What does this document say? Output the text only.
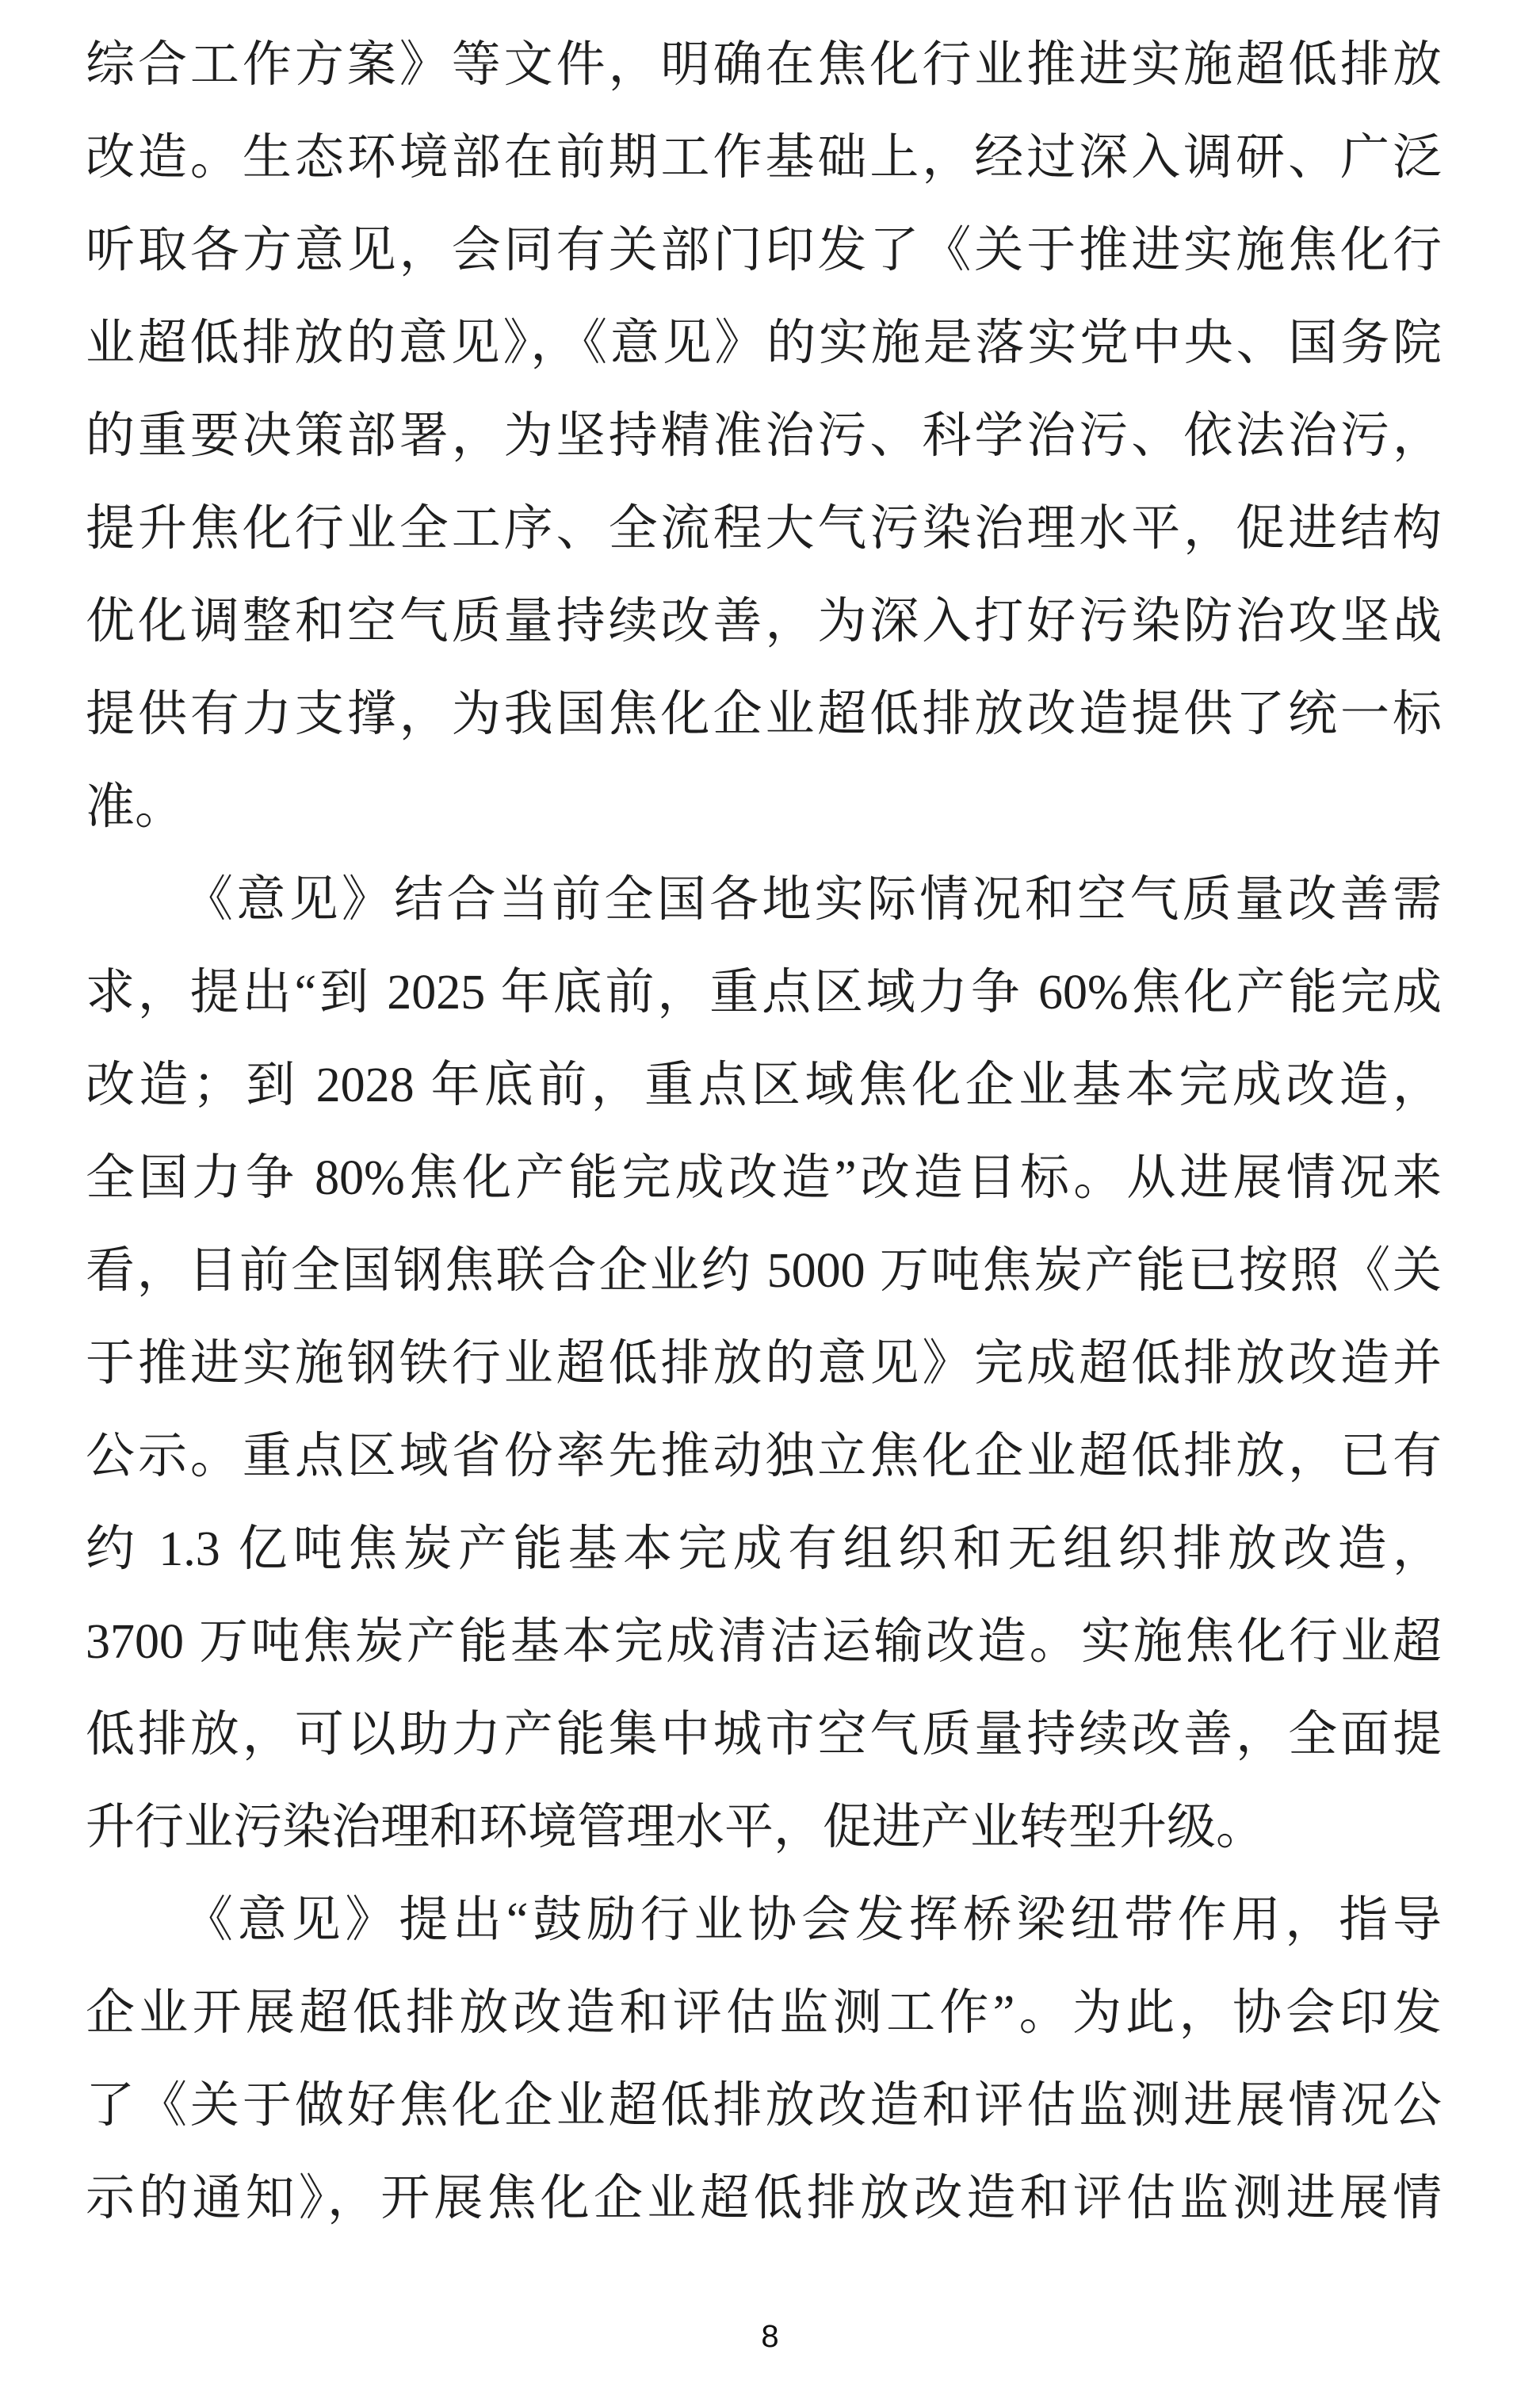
综合工作方案》等文件，明确在焦化行业推进实施超低排放
改造。生态环境部在前期工作基础上，经过深入调研、广泛
听取各方意见，会同有关部门印发了《关于推进实施焦化行
业超低排放的意见》，《意见》的实施是落实党中央、国务院
的重要决策部署，为坚持精准治污、科学治污、依法治污，
提升焦化行业全工序、全流程大气污染治理水平，促进结构
优化调整和空气质量持续改善，为深入打好污染防治攻坚战
提供有力支撑，为我国焦化企业超低排放改造提供了统一标
准。
《意见》结合当前全国各地实际情况和空气质量改善需
求，提出“到 2025 年底前，重点区域力争 60%焦化产能完成
改造；到 2028 年底前，重点区域焦化企业基本完成改造，
全国力争 80%焦化产能完成改造”改造目标。从进展情况来
看，目前全国钢焦联合企业约 5000 万吨焦炭产能已按照《关
于推进实施钢铁行业超低排放的意见》完成超低排放改造并
公示。重点区域省份率先推动独立焦化企业超低排放，已有
约 1.3 亿吨焦炭产能基本完成有组织和无组织排放改造，
3700 万吨焦炭产能基本完成清洁运输改造。实施焦化行业超
低排放，可以助力产能集中城市空气质量持续改善，全面提
升行业污染治理和环境管理水平，促进产业转型升级。
《意见》提出“鼓励行业协会发挥桥梁纽带作用，指导
企业开展超低排放改造和评估监测工作”。为此，协会印发
了《关于做好焦化企业超低排放改造和评估监测进展情况公
示的通知》，开展焦化企业超低排放改造和评估监测进展情
8
